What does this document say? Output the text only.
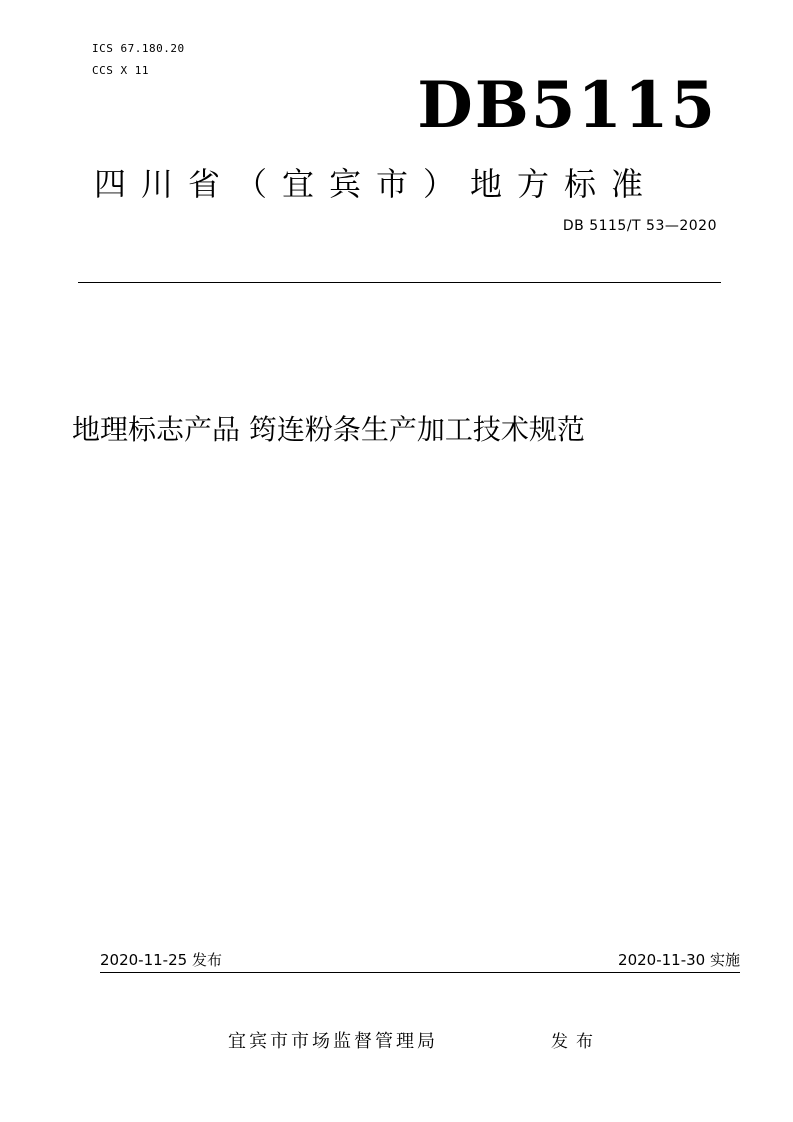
ICS 67.180.20
CCS X 11	DB5115
四川省（宜宾市）地方标准
DB 5115/T 53—2020
地理标志产品 筠连粉条生产加工技术规范
2020-11-25 发布	2020-11-30 实施
宜宾市市场监督管理局	发布
